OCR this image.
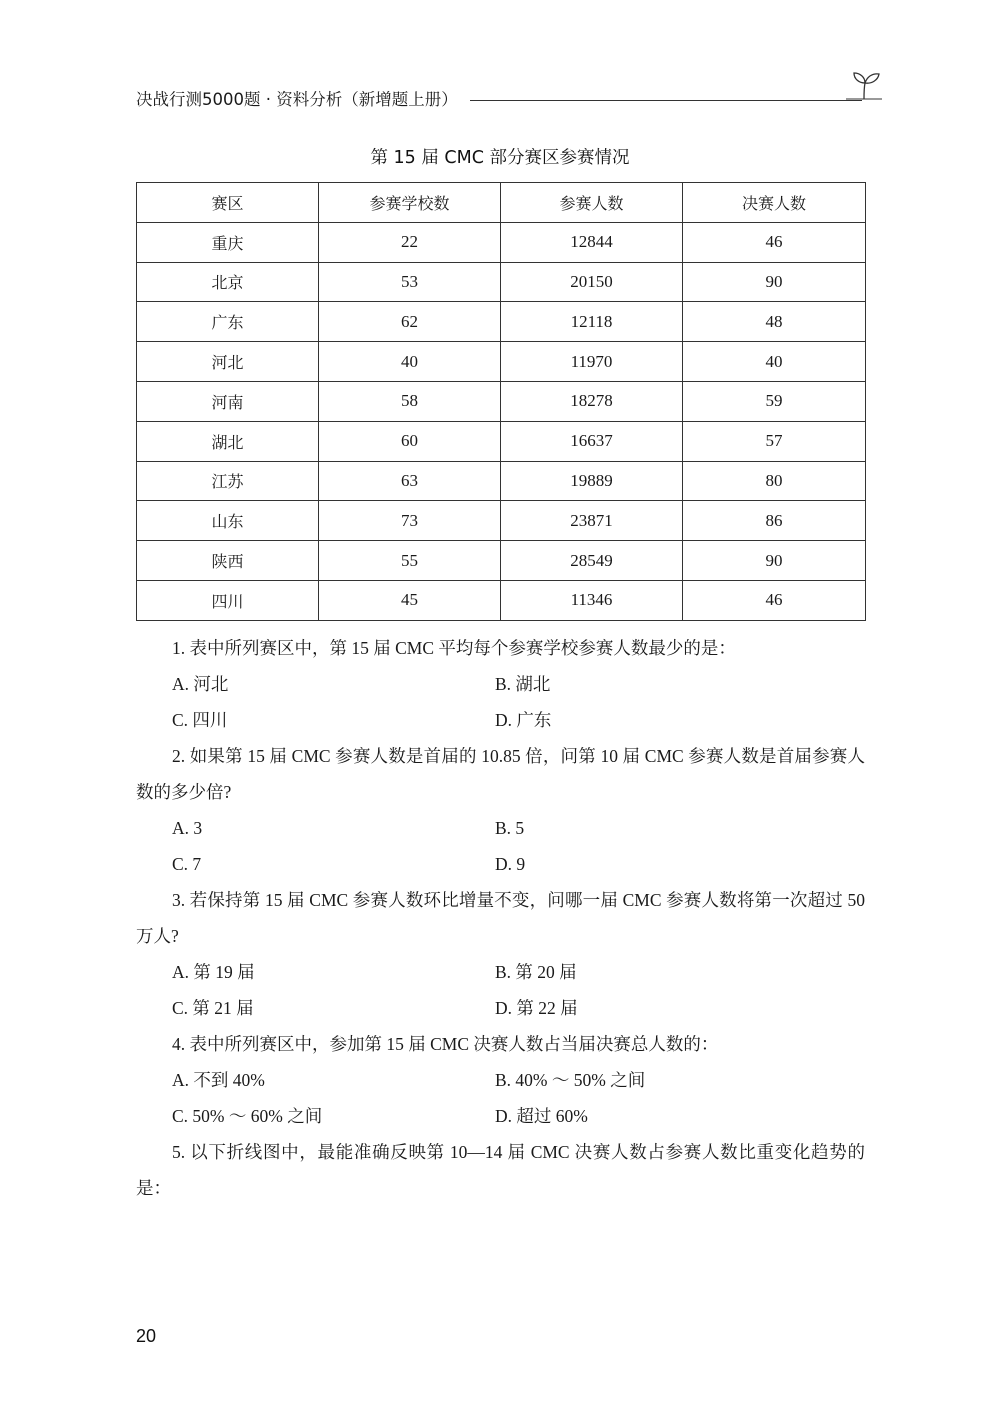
决战行测5000题 · 资料分析（新增题上册）
第 15 届 CMC 部分赛区参赛情况
赛区	参赛学校数	参赛人数	决赛人数
重庆	22	12844	46
北京	53	20150	90
广东	62	12118	48
河北	40	11970	40
河南	58	18278	59
湖北	60	16637	57
江苏	63	19889	80
山东	73	23871	86
陕西	55	28549	90
四川	45	11346	46

1. 表中所列赛区中，第 15 届 CMC 平均每个参赛学校参赛人数最少的是：

A. 河北	B. 湖北
C. 四川	D. 广东

2. 如果第 15 届 CMC 参赛人数是首届的 10.85 倍，问第 10 届 CMC 参赛人数是首届参赛人数的多少倍?

A. 3	B. 5
C. 7	D. 9

3. 若保持第 15 届 CMC 参赛人数环比增量不变，问哪一届 CMC 参赛人数将第一次超过 50 万人?

A. 第 19 届	B. 第 20 届
C. 第 21 届	D. 第 22 届

4. 表中所列赛区中，参加第 15 届 CMC 决赛人数占当届决赛总人数的：

A. 不到 40%	B. 40% ～ 50% 之间
C. 50% ～ 60% 之间	D. 超过 60%

5. 以下折线图中，最能准确反映第 10—14 届 CMC 决赛人数占参赛人数比重变化趋势的是：

20
